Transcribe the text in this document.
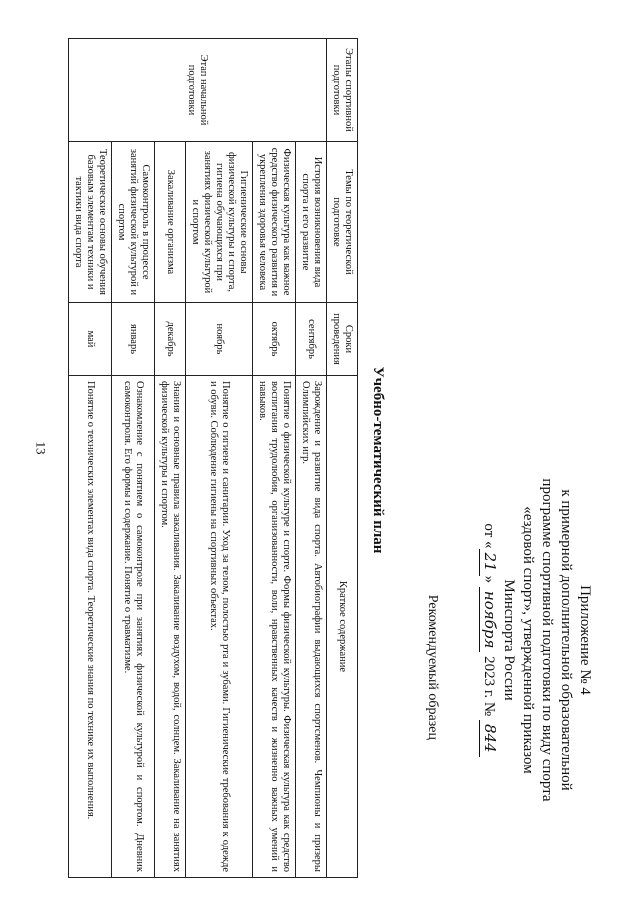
13
Приложение № 4
к примерной дополнительной образовательной
программе спортивной подготовки по виду спорта
«ездовой спорт», утвержденной приказом
Минспорта России
от «21» ноября 2023 г. № 844
Рекомендуемый образец
Учебно-тематический план
Этапы спортивной подготовки	Темы по теоретической подготовке	Сроки проведения	Краткое содержание
Этап начальной подготовки	История возникновения вида спорта и его развитие	сентябрь	Зарождение и развитие вида спорта. Автобиографии выдающихся спортсменов. Чемпионы и призеры Олимпийских игр.
	Физическая культура как важное средство физического развития и укрепления здоровья человека	октябрь	Понятие о физической культуре и спорте. Формы физической культуры. Физическая культура как средство воспитания трудолюбия, организованности, воли, нравственных качеств и жизненно важных умений и навыков.
	Гигиенические основы физической культуры и спорта, гигиена обучающихся при занятиях физической культурой и спортом	ноябрь	Понятие о гигиене и санитарии. Уход за телом, полостью рта и зубами. Гигиенические требования к одежде и обуви. Соблюдение гигиены на спортивных объектах.
	Закаливание организма	декабрь	Знания и основные правила закаливания. Закаливание воздухом, водой, солнцем. Закаливание на занятиях физической культуры и спортом.
	Самоконтроль в процессе занятий физической культурой и спортом	январь	Ознакомление с понятием о самоконтроле при занятиях физической культурой и спортом. Дневник самоконтроля. Его формы и содержание. Понятие о травматизме.
	Теоретические основы обучения базовым элементам техники и тактики вида спорта	май	Понятие о технических элементах вида спорта. Теоретические знания по технике их выполнения.
